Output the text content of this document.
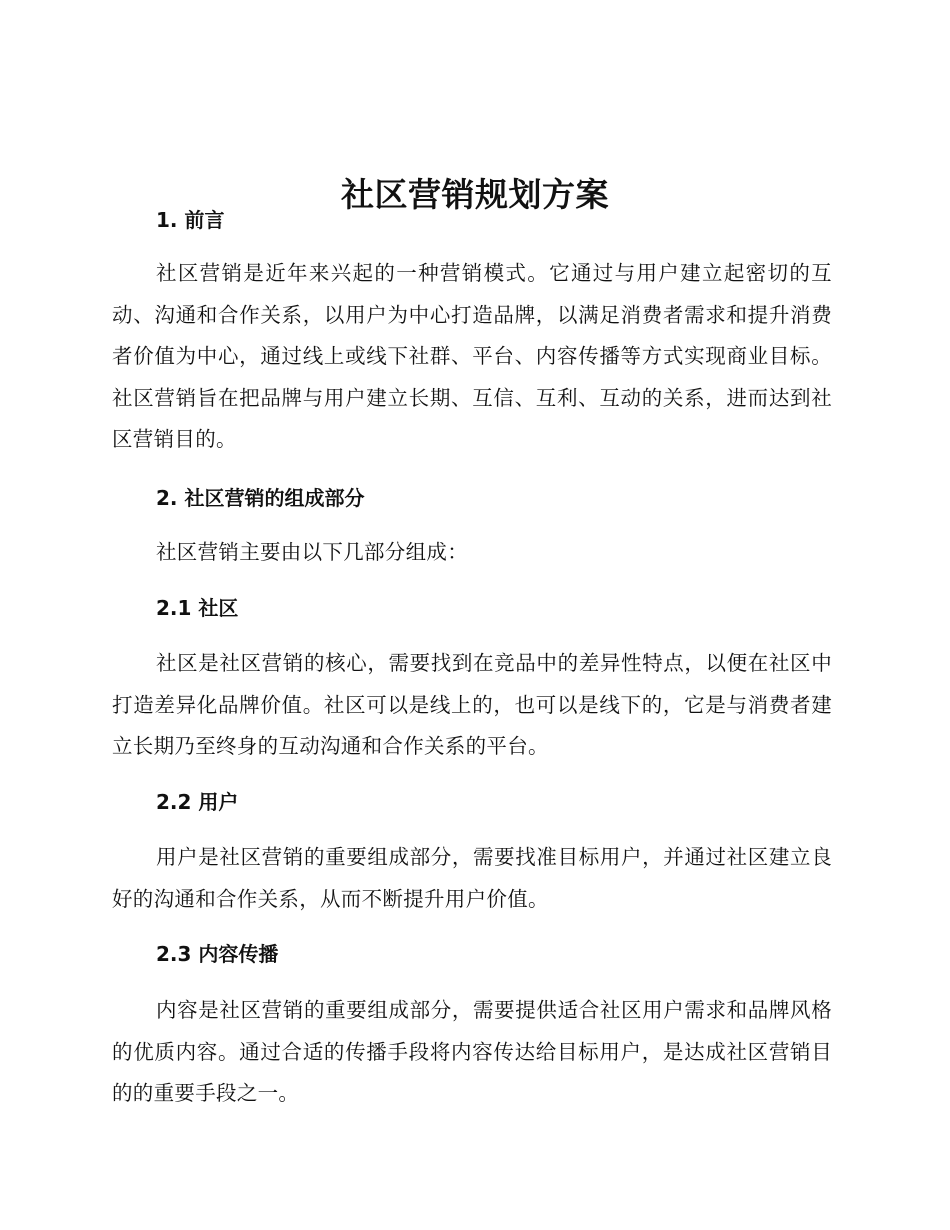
社区营销规划方案
1. 前言

社区营销是近年来兴起的一种营销模式。它通过与用户建立起密切的互动、沟通和合作关系，以用户为中心打造品牌，以满足消费者需求和提升消费者价值为中心，通过线上或线下社群、平台、内容传播等方式实现商业目标。社区营销旨在把品牌与用户建立长期、互信、互利、互动的关系，进而达到社区营销目的。

2. 社区营销的组成部分

社区营销主要由以下几部分组成：

2.1 社区

社区是社区营销的核心，需要找到在竞品中的差异性特点，以便在社区中打造差异化品牌价值。社区可以是线上的，也可以是线下的，它是与消费者建立长期乃至终身的互动沟通和合作关系的平台。

2.2 用户

用户是社区营销的重要组成部分，需要找准目标用户，并通过社区建立良好的沟通和合作关系，从而不断提升用户价值。

2.3 内容传播

内容是社区营销的重要组成部分，需要提供适合社区用户需求和品牌风格的优质内容。通过合适的传播手段将内容传达给目标用户，是达成社区营销目的的重要手段之一。
